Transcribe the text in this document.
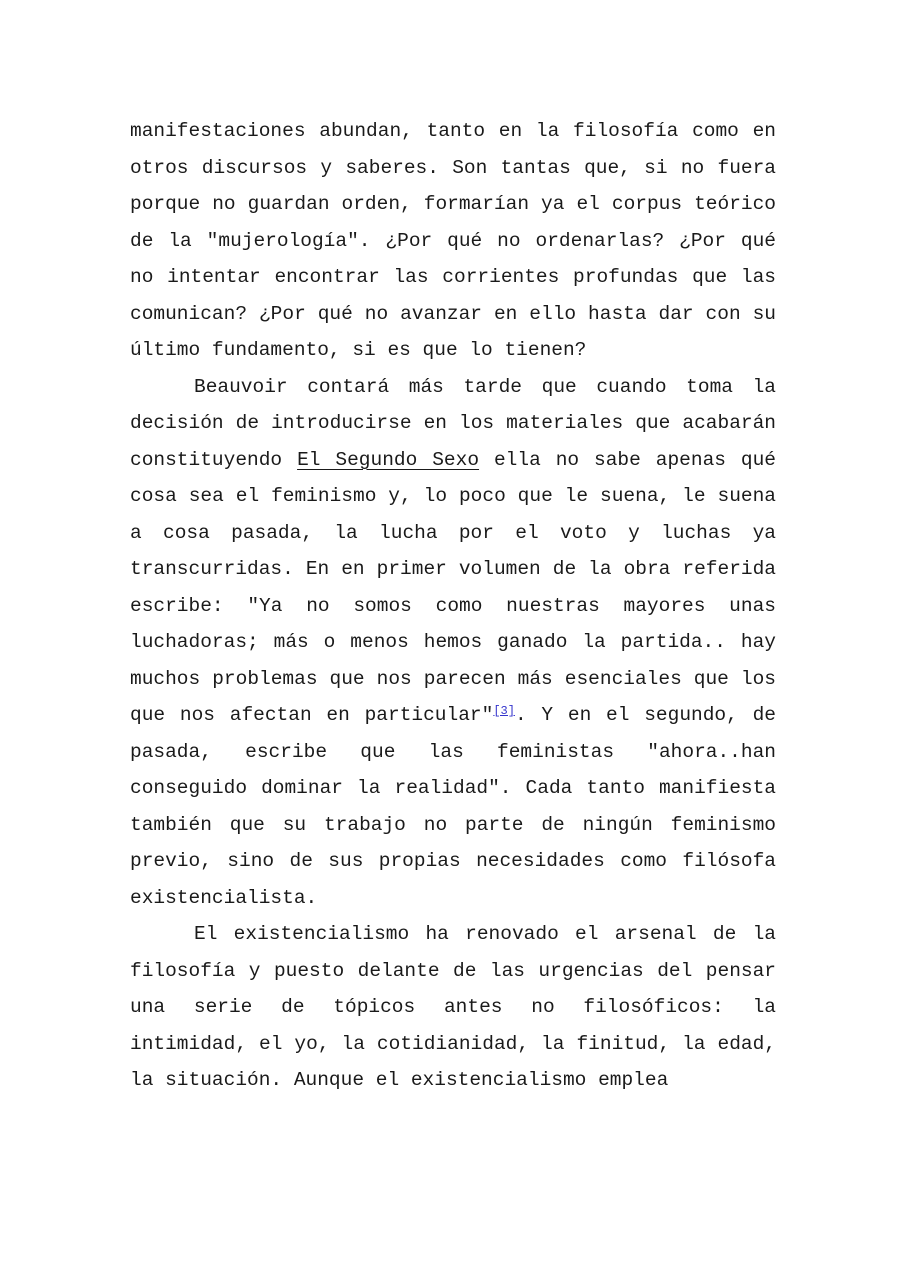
manifestaciones abundan, tanto en la filosofía como en otros discursos y saberes. Son tantas que, si no fuera porque no guardan orden, formarían ya el corpus teórico de la "mujerología". ¿Por qué no ordenarlas? ¿Por qué no intentar encontrar las corrientes profundas que las comunican? ¿Por qué no avanzar en ello hasta dar con su último fundamento, si es que lo tienen?

Beauvoir contará más tarde que cuando toma la decisión de introducirse en los materiales que acabarán constituyendo El Segundo Sexo ella no sabe apenas qué cosa sea el feminismo y, lo poco que le suena, le suena a cosa pasada, la lucha por el voto y luchas ya transcurridas. En en primer volumen de la obra referida escribe: "Ya no somos como nuestras mayores unas luchadoras; más o menos hemos ganado la partida.. hay muchos problemas que nos parecen más esenciales que los que nos afectan en particular"[3]. Y en el segundo, de pasada, escribe que las feministas "ahora..han conseguido dominar la realidad". Cada tanto manifiesta también que su trabajo no parte de ningún feminismo previo, sino de sus propias necesidades como filósofa existencialista.

El existencialismo ha renovado el arsenal de la filosofía y puesto delante de las urgencias del pensar una serie de tópicos antes no filosóficos: la intimidad, el yo, la cotidianidad, la finitud, la edad, la situación. Aunque el existencialismo emplea
